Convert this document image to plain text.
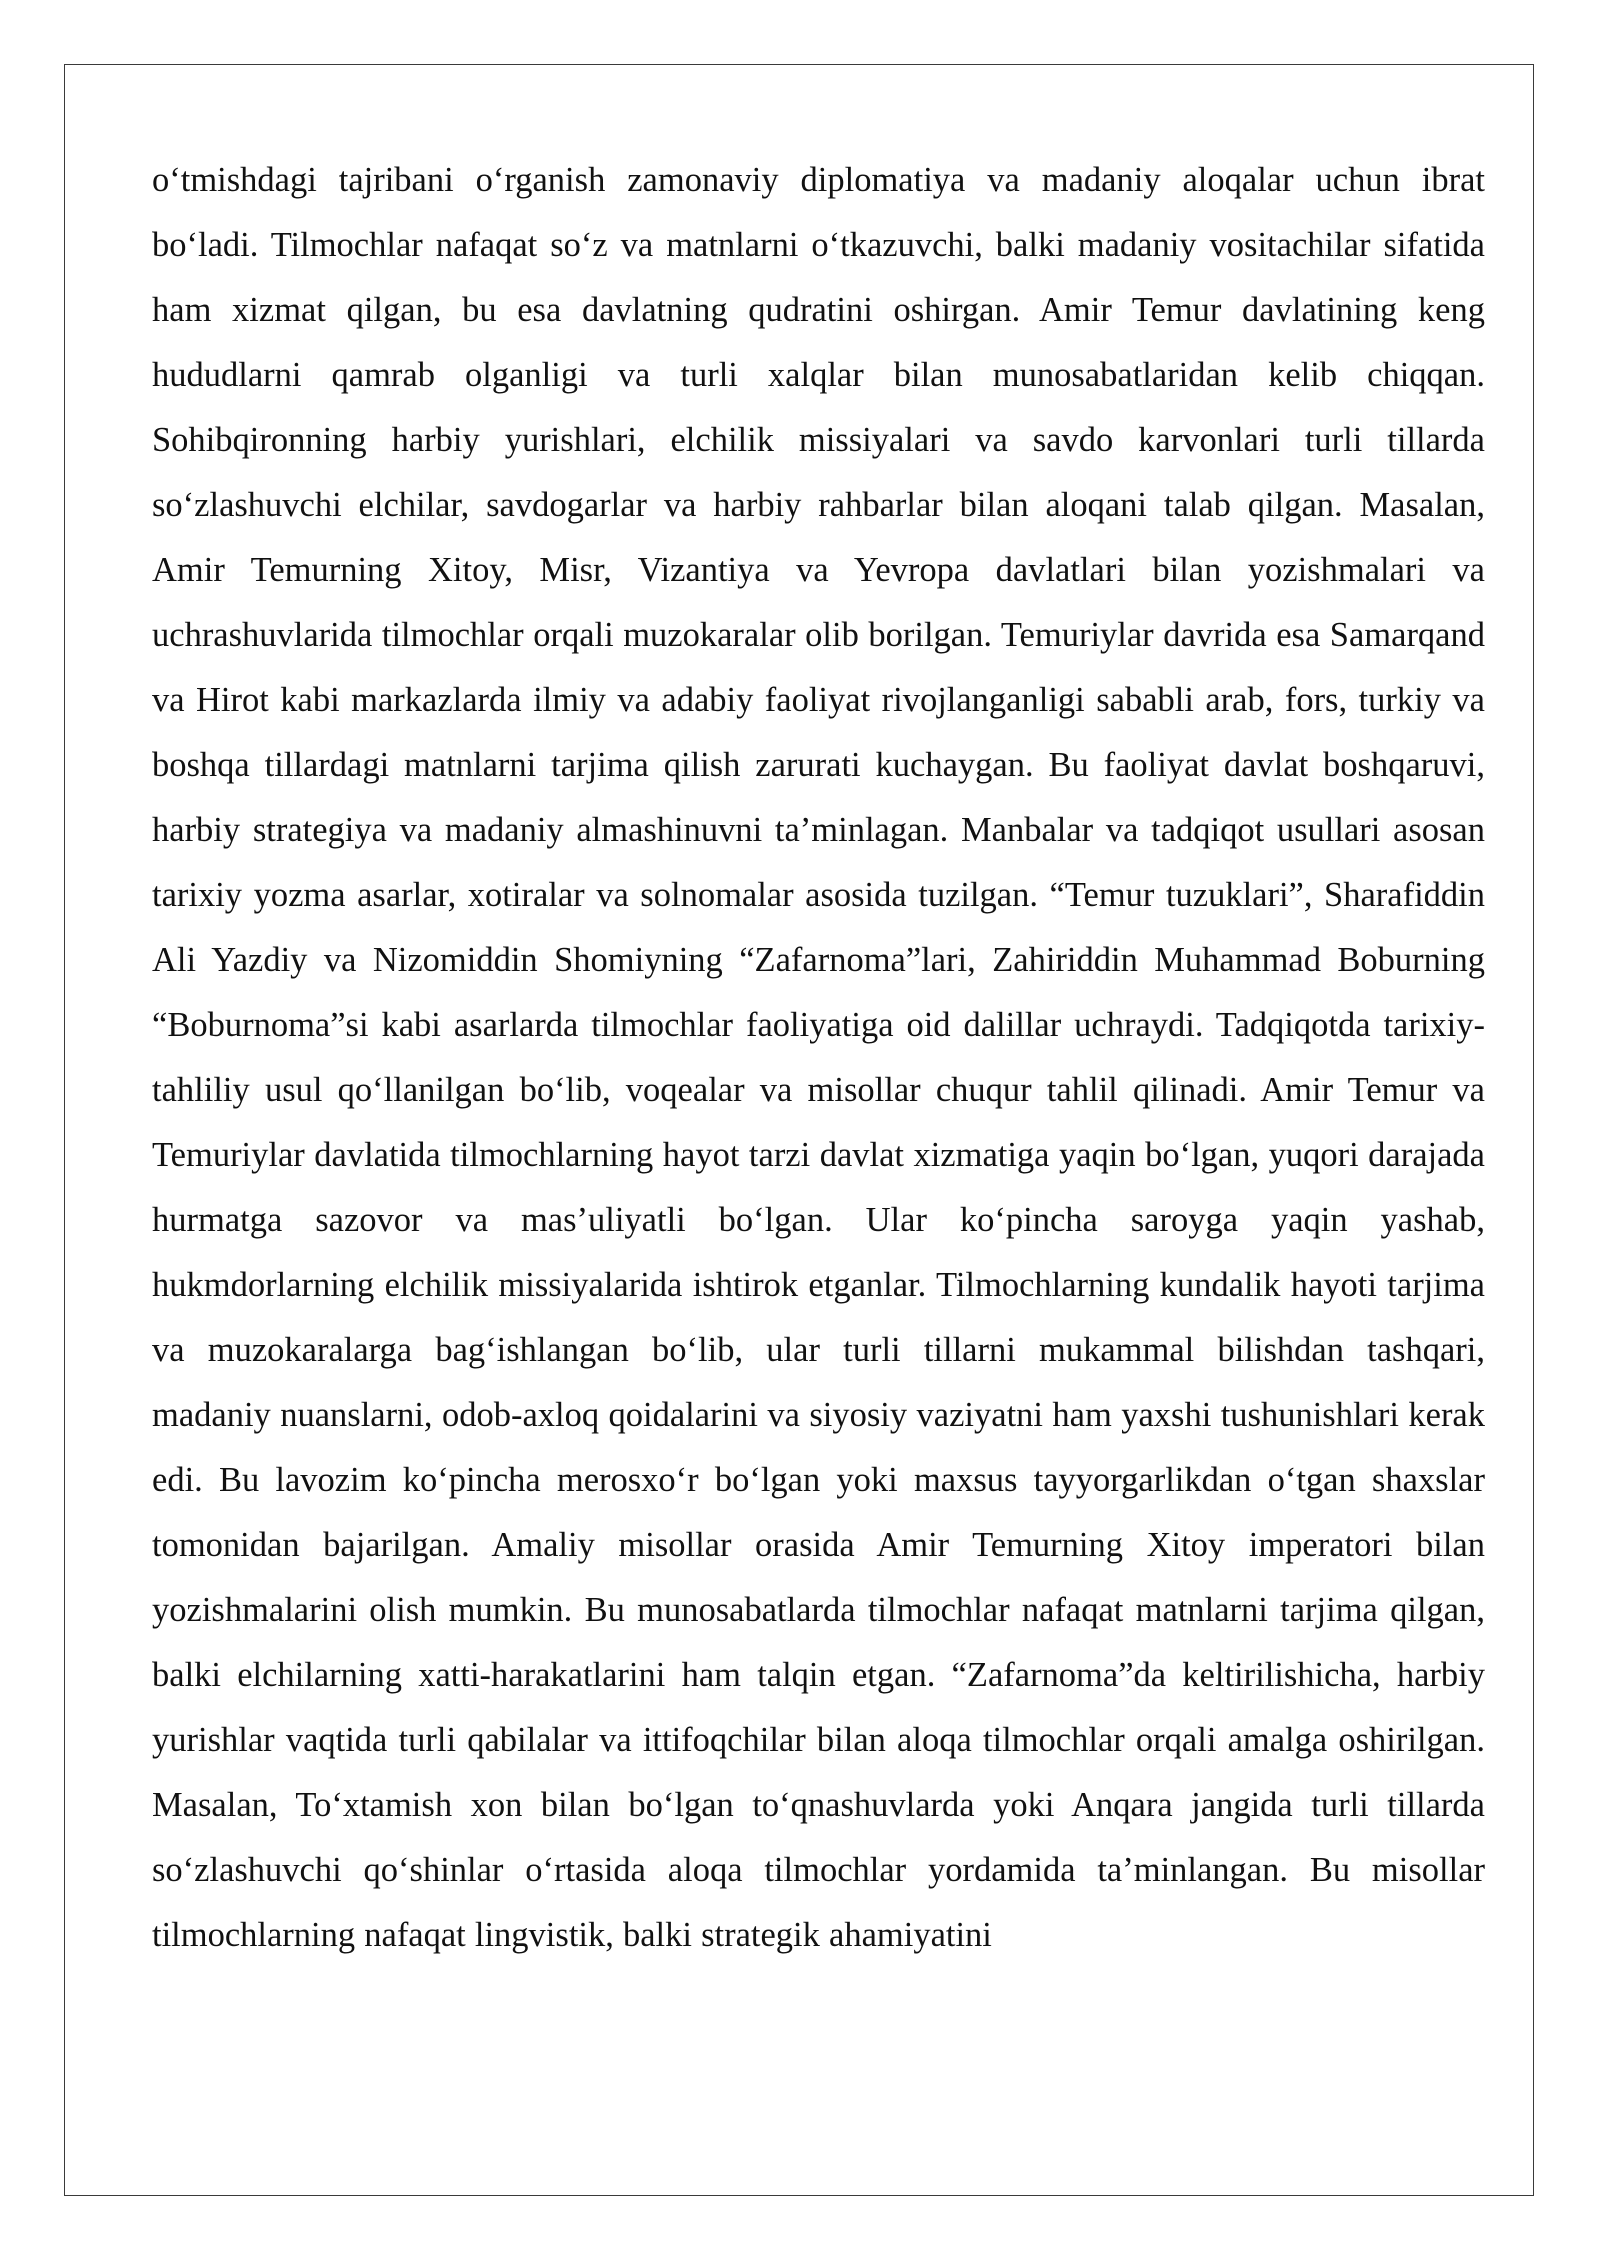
o‘tmishdagi tajribani o‘rganish zamonaviy diplomatiya va madaniy aloqalar uchun ibrat bo‘ladi. Tilmochlar nafaqat so‘z va matnlarni o‘tkazuvchi, balki madaniy vositachilar sifatida ham xizmat qilgan, bu esa davlatning qudratini oshirgan. Amir Temur davlatining keng hududlarni qamrab olganligi va turli xalqlar bilan munosabatlaridan kelib chiqqan. Sohibqironning harbiy yurishlari, elchilik missiyalari va savdo karvonlari turli tillarda so‘zlashuvchi elchilar, savdogarlar va harbiy rahbarlar bilan aloqani talab qilgan. Masalan, Amir Temurning Xitoy, Misr, Vizantiya va Yevropa davlatlari bilan yozishmalari va uchrashuvlarida tilmochlar orqali muzokaralar olib borilgan. Temuriylar davrida esa Samarqand va Hirot kabi markazlarda ilmiy va adabiy faoliyat rivojlanganligi sababli arab, fors, turkiy va boshqa tillardagi matnlarni tarjima qilish zarurati kuchaygan. Bu faoliyat davlat boshqaruvi, harbiy strategiya va madaniy almashinuvni ta’minlagan. Manbalar va tadqiqot usullari asosan tarixiy yozma asarlar, xotiralar va solnomalar asosida tuzilgan. “Temur tuzuklari”, Sharafiddin Ali Yazdiy va Nizomiddin Shomiyning “Zafarnoma”lari, Zahiriddin Muhammad Boburning “Boburnoma”si kabi asarlarda tilmochlar faoliyatiga oid dalillar uchraydi. Tadqiqotda tarixiy-tahliliy usul qo‘llanilgan bo‘lib, voqealar va misollar chuqur tahlil qilinadi. Amir Temur va Temuriylar davlatida tilmochlarning hayot tarzi davlat xizmatiga yaqin bo‘lgan, yuqori darajada hurmatga sazovor va mas’uliyatli bo‘lgan. Ular ko‘pincha saroyga yaqin yashab, hukmdorlarning elchilik missiyalarida ishtirok etganlar. Tilmochlarning kundalik hayoti tarjima va muzokaralarga bag‘ishlangan bo‘lib, ular turli tillarni mukammal bilishdan tashqari, madaniy nuanslarni, odob-axloq qoidalarini va siyosiy vaziyatni ham yaxshi tushunishlari kerak edi. Bu lavozim ko‘pincha merosxo‘r bo‘lgan yoki maxsus tayyorgarlikdan o‘tgan shaxslar tomonidan bajarilgan. Amaliy misollar orasida Amir Temurning Xitoy imperatori bilan yozishmalarini olish mumkin. Bu munosabatlarda tilmochlar nafaqat matnlarni tarjima qilgan, balki elchilarning xatti-harakatlarini ham talqin etgan. “Zafarnoma”da keltirilishicha, harbiy yurishlar vaqtida turli qabilalar va ittifoqchilar bilan aloqa tilmochlar orqali amalga oshirilgan. Masalan, To‘xtamish xon bilan bo‘lgan to‘qnashuvlarda yoki Anqara jangida turli tillarda so‘zlashuvchi qo‘shinlar o‘rtasida aloqa tilmochlar yordamida ta’minlangan. Bu misollar tilmochlarning nafaqat lingvistik, balki strategik ahamiyatini
